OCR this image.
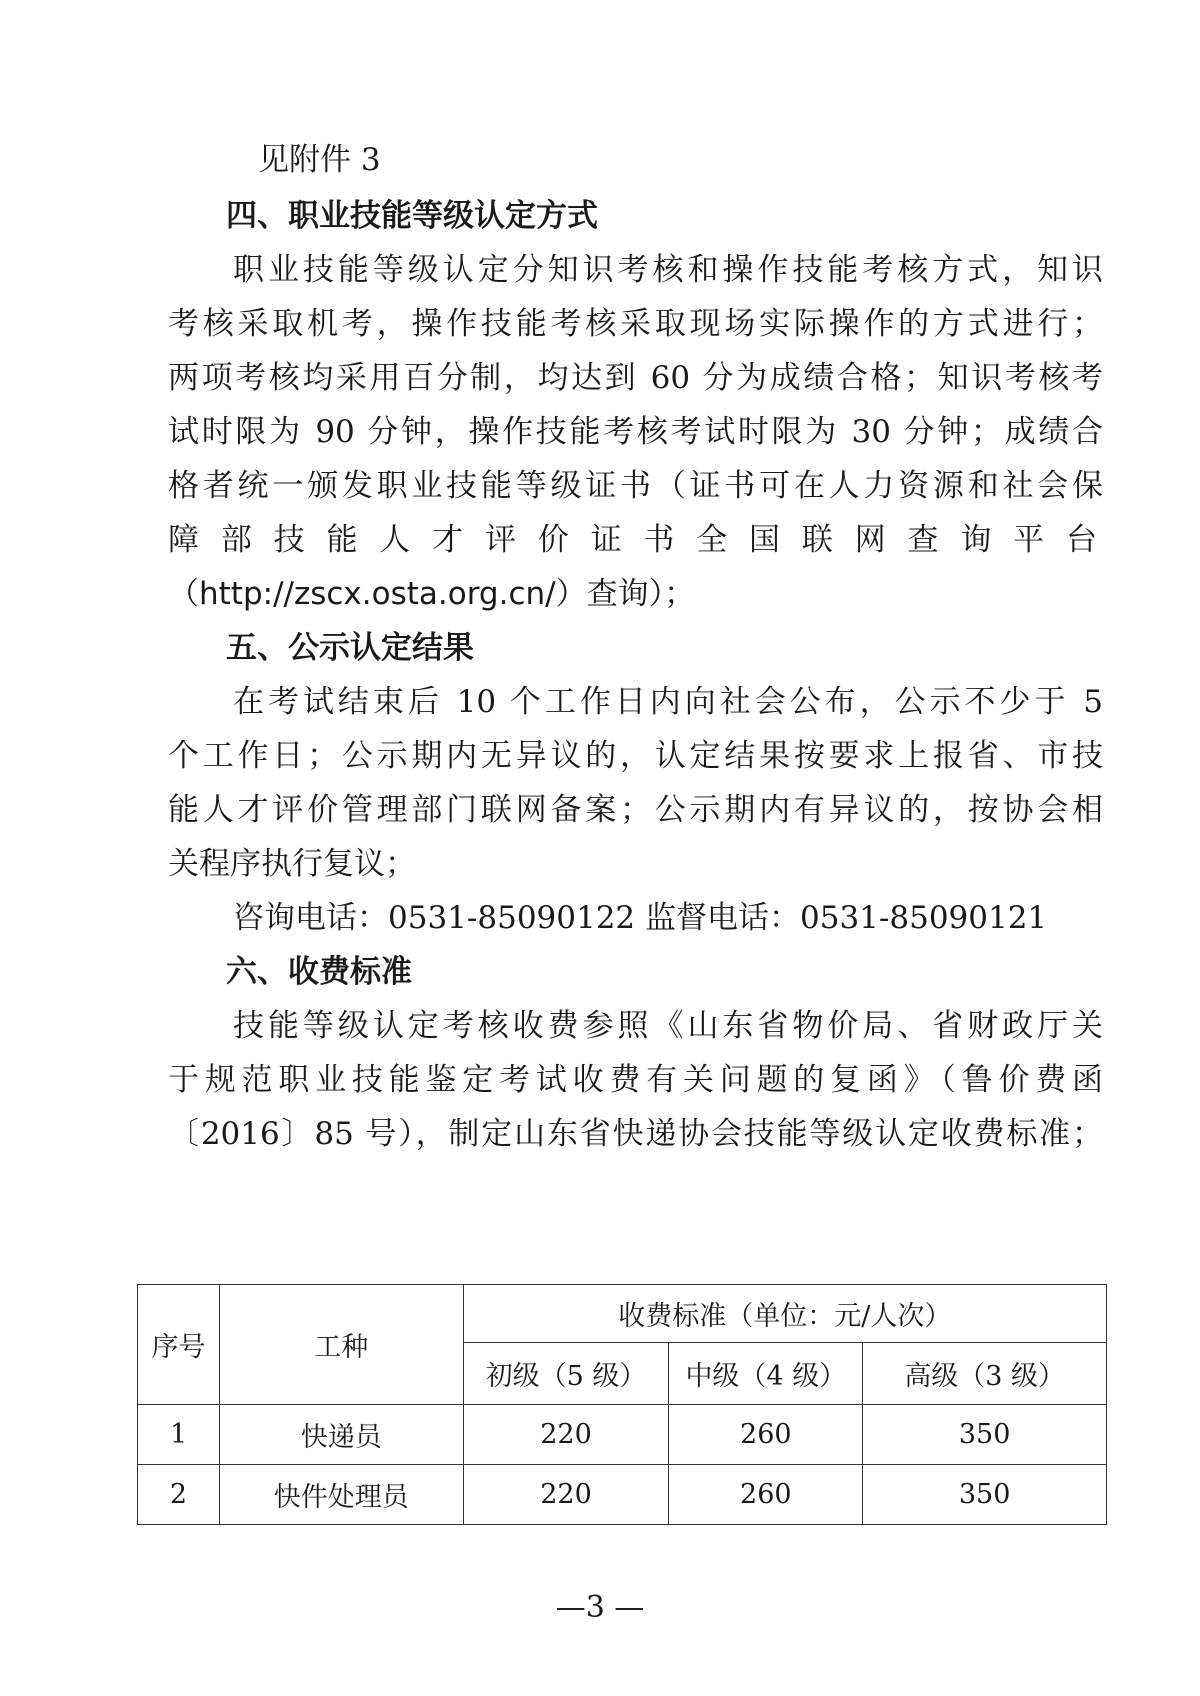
见附件 3
四、职业技能等级认定方式
职业技能等级认定分知识考核和操作技能考核方式，知识
考核采取机考，操作技能考核采取现场实际操作的方式进行；
两项考核均采用百分制，均达到 60 分为成绩合格；知识考核考
试时限为 90 分钟，操作技能考核考试时限为 30 分钟；成绩合
格者统一颁发职业技能等级证书（证书可在人力资源和社会保
障部技能人才评价证书全国联网查询平台
（http://zscx.osta.org.cn/）查询）；
五、公示认定结果
在考试结束后 10 个工作日内向社会公布，公示不少于 5
个工作日；公示期内无异议的，认定结果按要求上报省、市技
能人才评价管理部门联网备案；公示期内有异议的，按协会相
关程序执行复议；
咨询电话：0531-85090122 监督电话：0531-85090121
六、收费标准
技能等级认定考核收费参照《山东省物价局、省财政厅关
于规范职业技能鉴定考试收费有关问题的复函》（鲁价费函
〔2016〕85 号），制定山东省快递协会技能等级认定收费标准；
序号	工种	收费标准（单位：元/人次）		
		初级（5 级）	中级（4 级）	高级（3 级）
1	快递员	220	260	350
2	快件处理员	220	260	350
—3 —
